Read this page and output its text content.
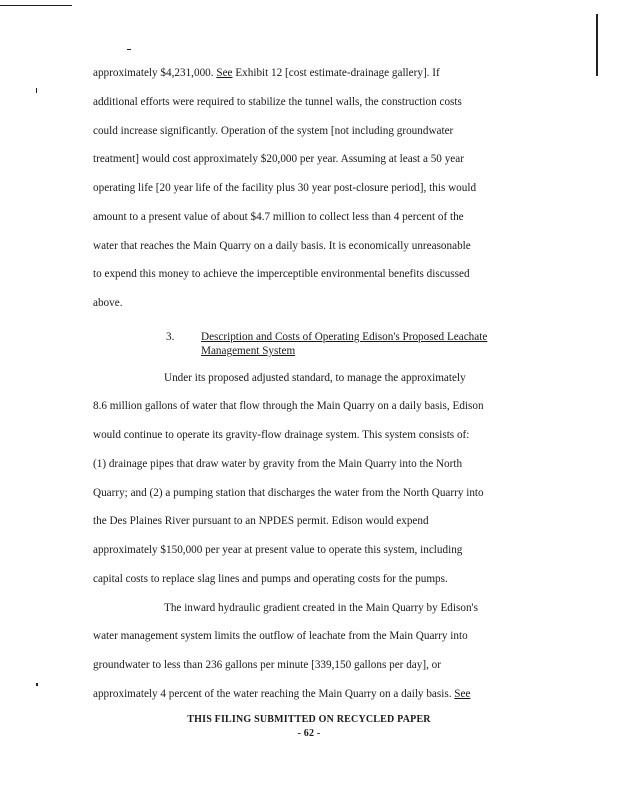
approximately $4,231,000. See Exhibit 12 [cost estimate-drainage gallery]. If
additional efforts were required to stabilize the tunnel walls, the construction costs
could increase significantly. Operation of the system [not including groundwater
treatment] would cost approximately $20,000 per year. Assuming at least a 50 year
operating life [20 year life of the facility plus 30 year post-closure period], this would
amount to a present value of about $4.7 million to collect less than 4 percent of the
water that reaches the Main Quarry on a daily basis. It is economically unreasonable
to expend this money to achieve the imperceptible environmental benefits discussed
above.
3. Description and Costs of Operating Edison's Proposed Leachate Management System
Under its proposed adjusted standard, to manage the approximately
8.6 million gallons of water that flow through the Main Quarry on a daily basis, Edison
would continue to operate its gravity-flow drainage system. This system consists of:
(1) drainage pipes that draw water by gravity from the Main Quarry into the North
Quarry; and (2) a pumping station that discharges the water from the North Quarry into
the Des Plaines River pursuant to an NPDES permit. Edison would expend
approximately $150,000 per year at present value to operate this system, including
capital costs to replace slag lines and pumps and operating costs for the pumps.
The inward hydraulic gradient created in the Main Quarry by Edison's
water management system limits the outflow of leachate from the Main Quarry into
groundwater to less than 236 gallons per minute [339,150 gallons per day], or
approximately 4 percent of the water reaching the Main Quarry on a daily basis. See
THIS FILING SUBMITTED ON RECYCLED PAPER
- 62 -
